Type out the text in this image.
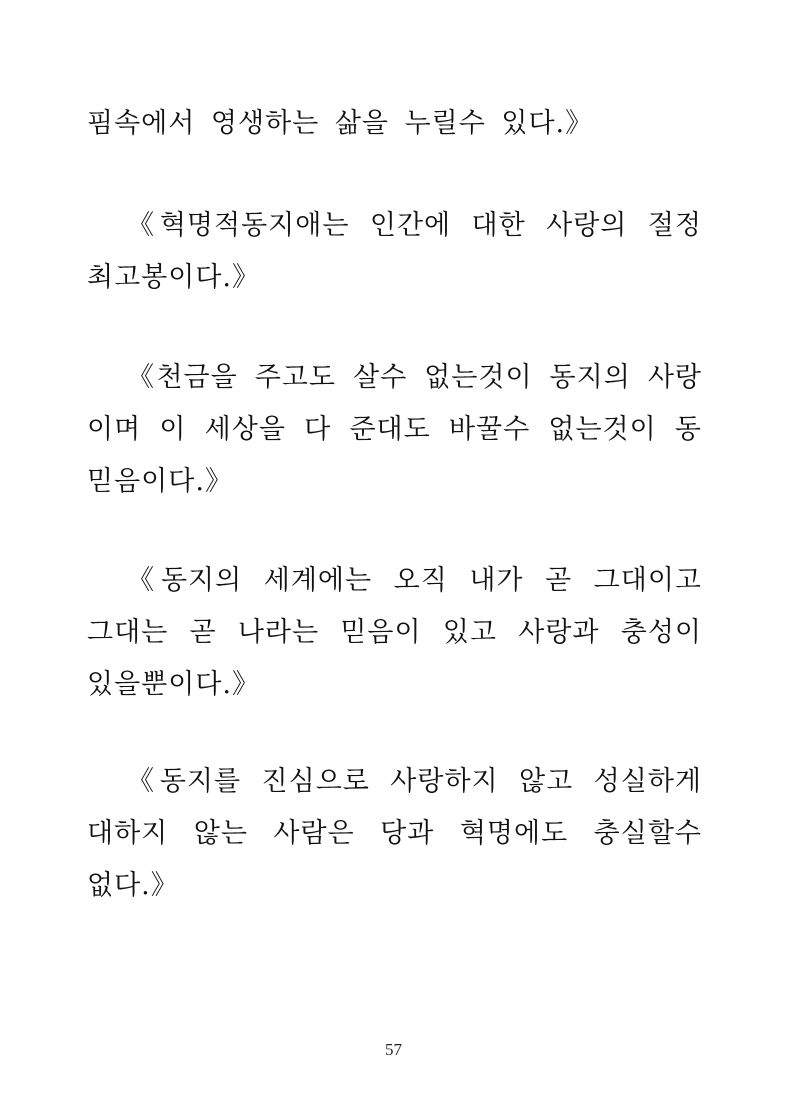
핌속에서 영생하는 삶을 누릴수 있다.》
《혁명적동지애는 인간에 대한 사랑의 절정
최고봉이다.》
《천금을 주고도 살수 없는것이 동지의 사랑
이며 이 세상을 다 준대도 바꿀수 없는것이 동
믿음이다.》
《동지의 세계에는 오직 내가 곧 그대이고
그대는 곧 나라는 믿음이 있고 사랑과 충성이
있을뿐이다.》
《동지를 진심으로 사랑하지 않고 성실하게
대하지 않는 사람은 당과 혁명에도 충실할수
없다.》
57
